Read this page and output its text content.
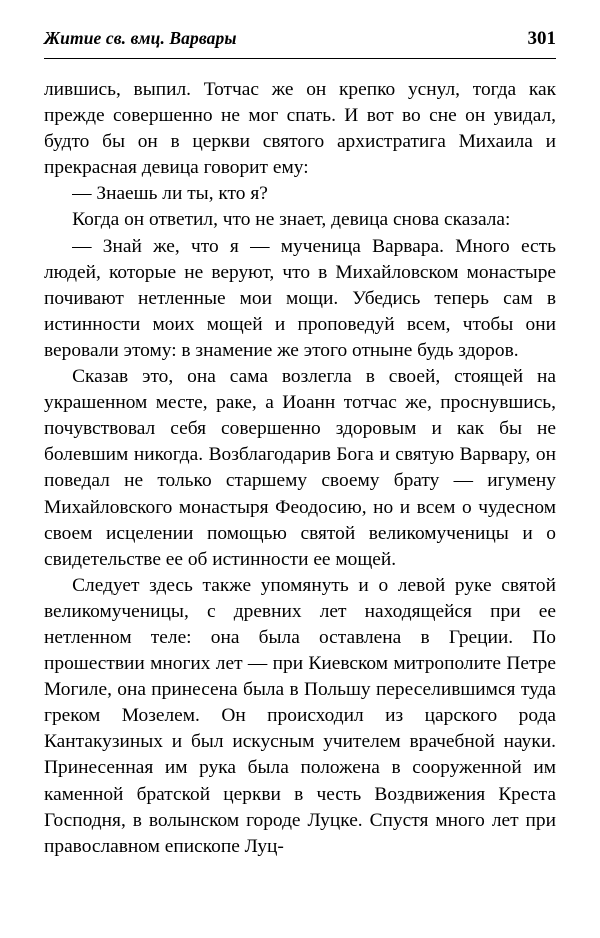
Житие св. вмц. Варвары	301

лившись, выпил. Тотчас же он крепко уснул, тогда как прежде совершенно не мог спать. И вот во сне он увидал, будто бы он в церкви святого архистратига Михаила и прекрасная девица говорит ему:

— Знаешь ли ты, кто я?

Когда он ответил, что не знает, девица снова сказала:

— Знай же, что я — мученица Варвара. Много есть людей, которые не веруют, что в Михайловском монастыре почивают нетленные мои мощи. Убедись теперь сам в истинности моих мощей и проповедуй всем, чтобы они веровали этому: в знамение же этого отныне будь здоров.

Сказав это, она сама возлегла в своей, стоящей на украшенном месте, раке, а Иоанн тотчас же, проснувшись, почувствовал себя совершенно здоровым и как бы не болевшим никогда. Возблагодарив Бога и святую Варвару, он поведал не только старшему своему брату — игумену Михайловского монастыря Феодосию, но и всем о чудесном своем исцелении помощью святой великомученицы и о свидетельстве ее об истинности ее мощей.

Следует здесь также упомянуть и о левой руке святой великомученицы, с древних лет находящейся при ее нетленном теле: она была оставлена в Греции. По прошествии многих лет — при Киевском митрополите Петре Могиле, она принесена была в Польшу переселившимся туда греком Мозелем. Он происходил из царского рода Кантакузиных и был искусным учителем врачебной науки. Принесенная им рука была положена в сооруженной им каменной братской церкви в честь Воздвижения Креста Господня, в волынском городе Луцке. Спустя много лет при православном епископе Луц-
